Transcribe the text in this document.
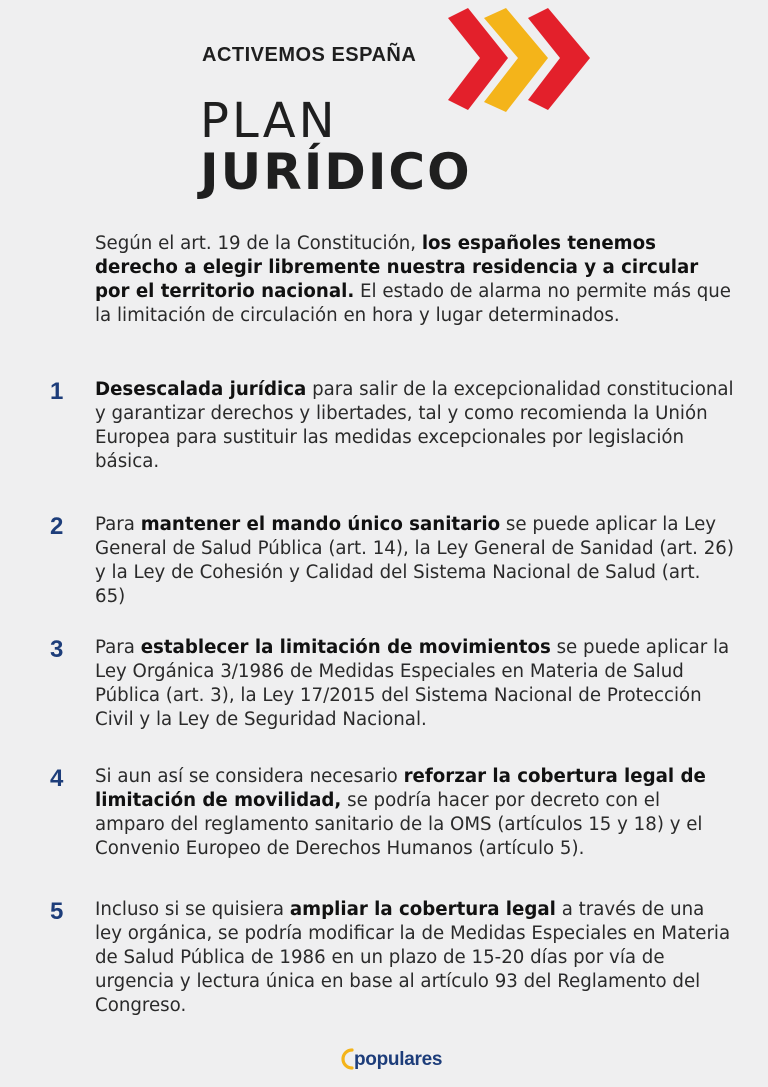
ACTIVEMOS ESPAÑA
PLAN
JURÍDICO
Según el art. 19 de la Constitución, los españoles tenemos derecho a elegir libremente nuestra residencia y a circular por el territorio nacional. El estado de alarma no permite más que la limitación de circulación en hora y lugar determinados.
1 Desescalada jurídica para salir de la excepcionalidad constitucional y garantizar derechos y libertades, tal y como recomienda la Unión Europea para sustituir las medidas excepcionales por legislación básica.
2 Para mantener el mando único sanitario se puede aplicar la Ley General de Salud Pública (art. 14), la Ley General de Sanidad (art. 26) y la Ley de Cohesión y Calidad del Sistema Nacional de Salud (art. 65)
3 Para establecer la limitación de movimientos se puede aplicar la Ley Orgánica 3/1986 de Medidas Especiales en Materia de Salud Pública (art. 3), la Ley 17/2015 del Sistema Nacional de Protección Civil y la Ley de Seguridad Nacional.
4 Si aun así se considera necesario reforzar la cobertura legal de limitación de movilidad, se podría hacer por decreto con el amparo del reglamento sanitario de la OMS (artículos 15 y 18) y el Convenio Europeo de Derechos Humanos (artículo 5).
5 Incluso si se quisiera ampliar la cobertura legal a través de una ley orgánica, se podría modificar la de Medidas Especiales en Materia de Salud Pública de 1986 en un plazo de 15-20 días por vía de urgencia y lectura única en base al artículo 93 del Reglamento del Congreso.
populares
